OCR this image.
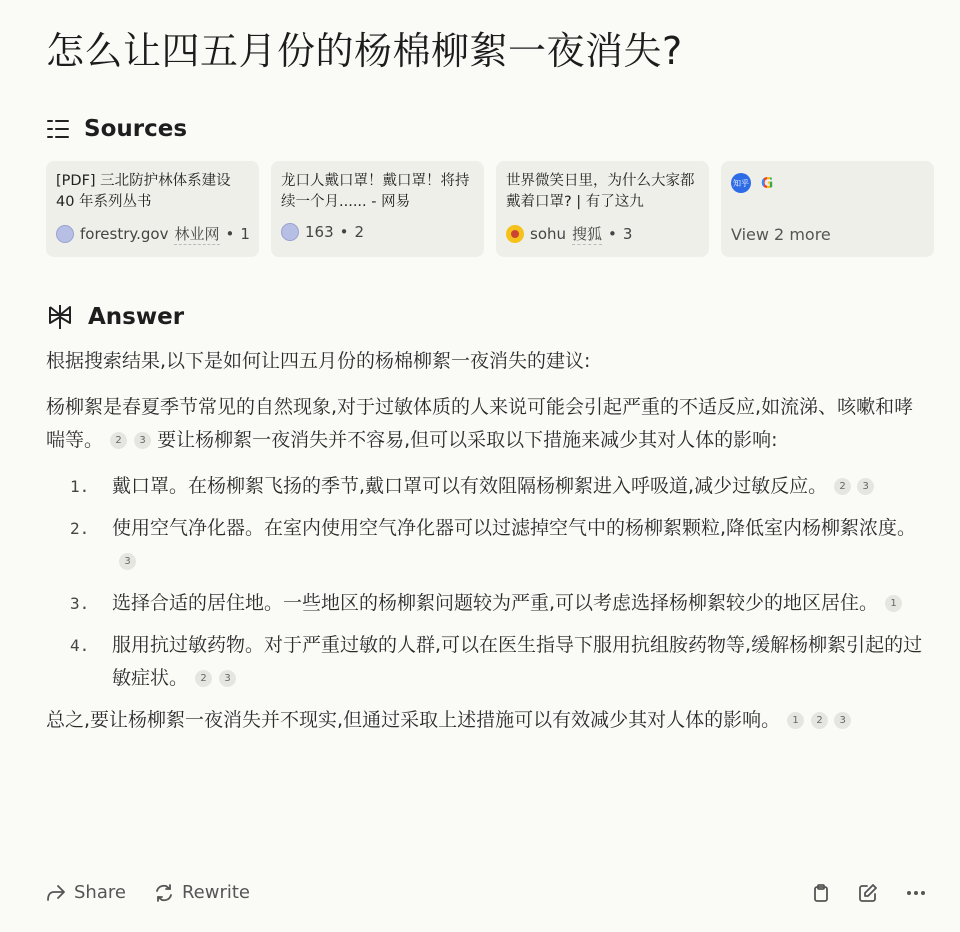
怎么让四五月份的杨棉柳絮一夜消失?
Sources
[PDF] 三北防护林体系建设40 年系列丛书
forestry.gov 林业网 • 1
龙口人戴口罩！戴口罩！将持续一个月...... - 网易
163 • 2
世界微笑日里，为什么大家都戴着口罩? | 有了这九
sohu 搜狐 • 3
知乎 G
View 2 more
Answer
根据搜索结果,以下是如何让四五月份的杨棉柳絮一夜消失的建议:
杨柳絮是春夏季节常见的自然现象,对于过敏体质的人来说可能会引起严重的不适反应,如流涕、咳嗽和哮喘等。 2 3 要让杨柳絮一夜消失并不容易,但可以采取以下措施来减少其对人体的影响:
1. 戴口罩。在杨柳絮飞扬的季节,戴口罩可以有效阻隔杨柳絮进入呼吸道,减少过敏反应。 2 3
2. 使用空气净化器。在室内使用空气净化器可以过滤掉空气中的杨柳絮颗粒,降低室内杨柳絮浓度。3
3. 选择合适的居住地。一些地区的杨柳絮问题较为严重,可以考虑选择杨柳絮较少的地区居住。 1
4. 服用抗过敏药物。对于严重过敏的人群,可以在医生指导下服用抗组胺药物等,缓解杨柳絮引起的过敏症状。 2 3
总之,要让杨柳絮一夜消失并不现实,但通过采取上述措施可以有效减少其对人体的影响。 1 2 3
Share	Rewrite
